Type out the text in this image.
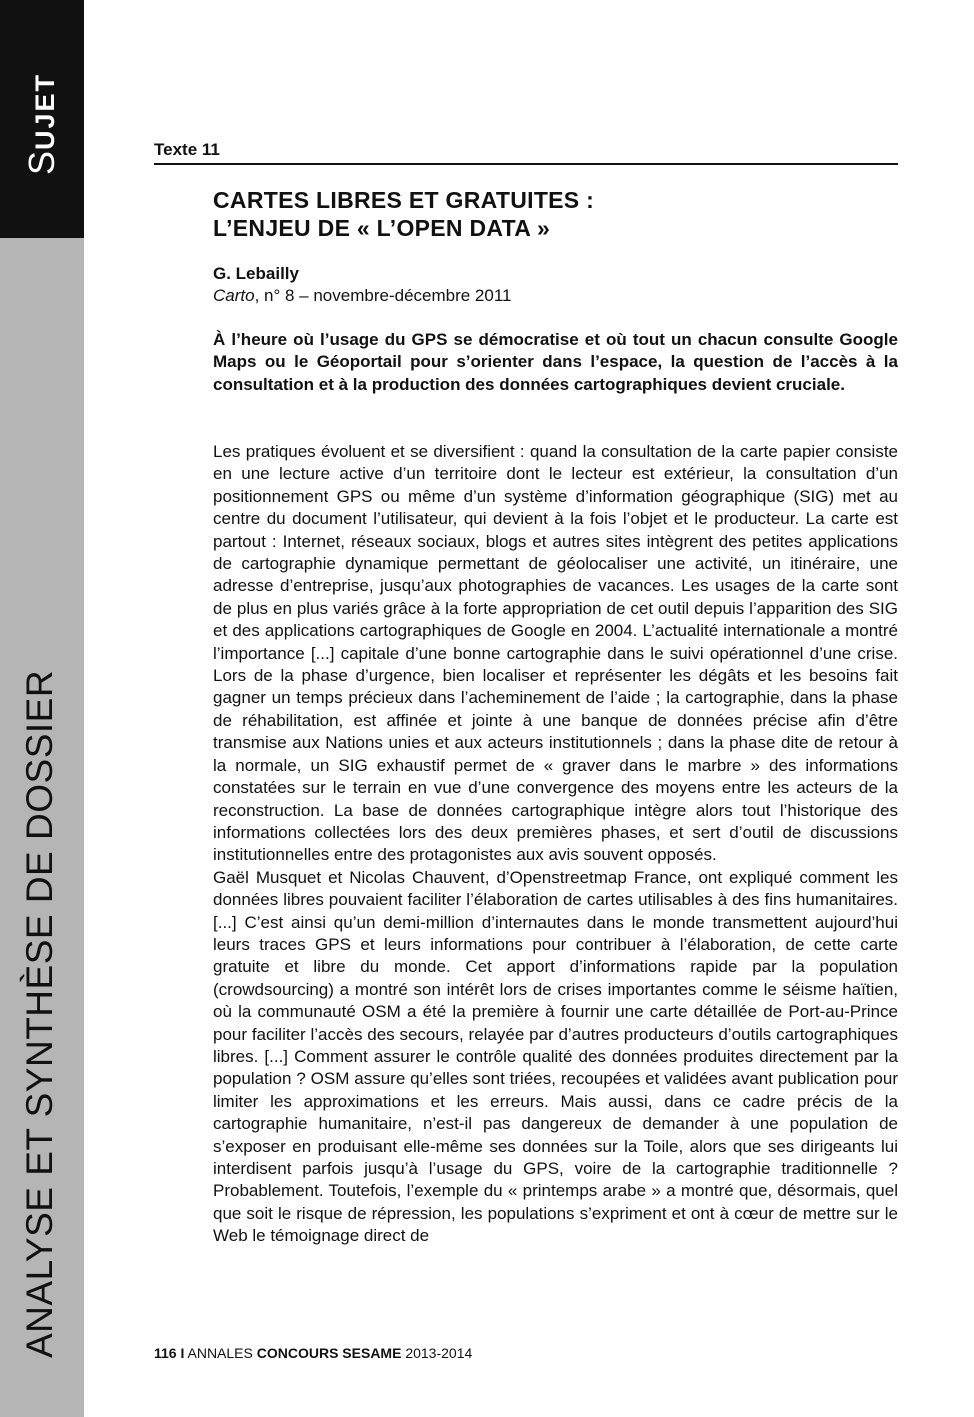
SUJET
ANALYSE ET SYNTHÈSE DE DOSSIER
Texte 11
CARTES LIBRES ET GRATUITES :
L’ENJEU DE « L’OPEN DATA »
G. Lebailly
Carto, n° 8 – novembre-décembre 2011
À l’heure où l’usage du GPS se démocratise et où tout un chacun consulte Google Maps ou le Géoportail pour s’orienter dans l’espace, la question de l’accès à la consultation et à la production des données cartographiques devient cruciale.

Les pratiques évoluent et se diversifient : quand la consultation de la carte papier consiste en une lecture active d’un territoire dont le lecteur est extérieur, la consultation d’un positionnement GPS ou même d’un système d’information géographique (SIG) met au centre du document l’utilisateur, qui devient à la fois l’objet et le producteur. La carte est partout : Internet, réseaux sociaux, blogs et autres sites intègrent des petites applications de cartographie dynamique permettant de géolocaliser une activité, un itinéraire, une adresse d’entreprise, jusqu’aux photographies de vacances. Les usages de la carte sont de plus en plus variés grâce à la forte appropriation de cet outil depuis l’apparition des SIG et des applications cartographiques de Google en 2004. L’actualité internationale a montré l’importance [...] capitale d’une bonne cartographie dans le suivi opérationnel d’une crise. Lors de la phase d’urgence, bien localiser et représenter les dégâts et les besoins fait gagner un temps précieux dans l’acheminement de l’aide ; la cartographie, dans la phase de réhabilitation, est affinée et jointe à une banque de données précise afin d’être transmise aux Nations unies et aux acteurs institutionnels ; dans la phase dite de retour à la normale, un SIG exhaustif permet de « graver dans le marbre » des informations constatées sur le terrain en vue d’une convergence des moyens entre les acteurs de la reconstruction. La base de données cartographique intègre alors tout l’historique des informations collectées lors des deux premières phases, et sert d’outil de discussions institutionnelles entre des protagonistes aux avis souvent opposés.

Gaël Musquet et Nicolas Chauvent, d’Openstreetmap France, ont expliqué comment les données libres pouvaient faciliter l’élaboration de cartes utilisables à des fins humanitaires. [...] C’est ainsi qu’un demi-million d’internautes dans le monde transmettent aujourd’hui leurs traces GPS et leurs informations pour contribuer à l’élaboration, de cette carte gratuite et libre du monde. Cet apport d’informations rapide par la population (crowdsourcing) a montré son intérêt lors de crises importantes comme le séisme haïtien, où la communauté OSM a été la première à fournir une carte détaillée de Port-au-Prince pour faciliter l’accès des secours, relayée par d’autres producteurs d’outils cartographiques libres. [...] Comment assurer le contrôle qualité des données produites directement par la population ? OSM assure qu’elles sont triées, recoupées et validées avant publication pour limiter les approximations et les erreurs. Mais aussi, dans ce cadre précis de la cartographie humanitaire, n’est-il pas dangereux de demander à une population de s’exposer en produisant elle-même ses données sur la Toile, alors que ses dirigeants lui interdisent parfois jusqu’à l’usage du GPS, voire de la cartographie traditionnelle ? Probablement. Toutefois, l’exemple du « printemps arabe » a montré que, désormais, quel que soit le risque de répression, les populations s’expriment et ont à cœur de mettre sur le Web le témoignage direct de

116 I ANNALES CONCOURS SESAME 2013-2014
